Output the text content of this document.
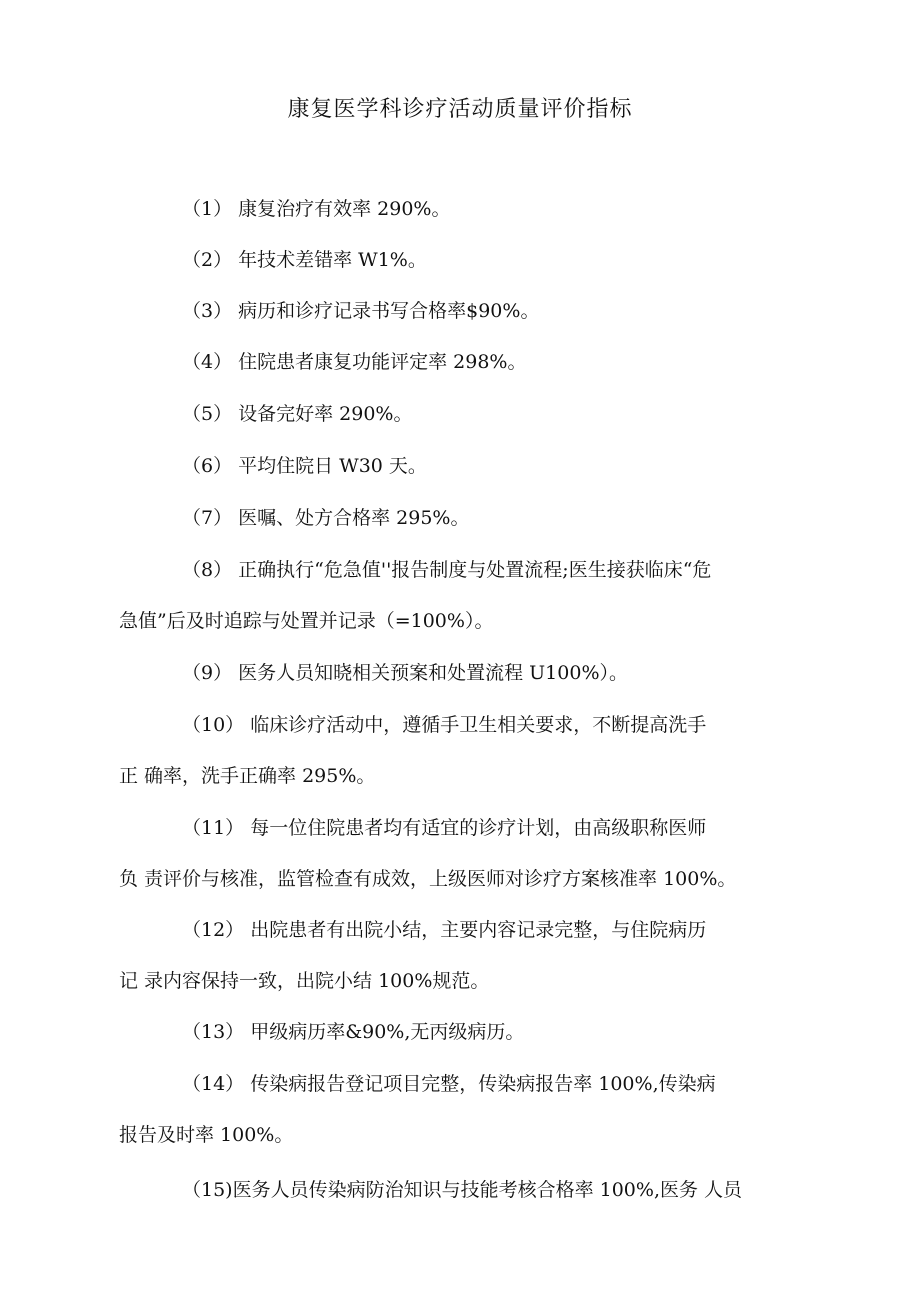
康复医学科诊疗活动质量评价指标
（1） 康复治疗有效率 290%。
（2） 年技术差错率 W1%。
（3） 病历和诊疗记录书写合格率$90%。
（4） 住院患者康复功能评定率 298%。
（5） 设备完好率 290%。
（6） 平均住院日 W30 天。
（7） 医嘱、处方合格率 295%。
（8） 正确执行“危急值''报告制度与处置流程;医生接获临床“危
急值”后及时追踪与处置并记录（=100%）。
（9） 医务人员知晓相关预案和处置流程 U100%）。
（10） 临床诊疗活动中，遵循手卫生相关要求，不断提高洗手
正 确率，洗手正确率 295%。
（11） 每一位住院患者均有适宜的诊疗计划，由高级职称医师
负 责评价与核准，监管检查有成效，上级医师对诊疗方案核准率 100%。
（12） 出院患者有出院小结，主要内容记录完整，与住院病历
记 录内容保持一致，出院小结 100%规范。
（13） 甲级病历率&90%,无丙级病历。
（14） 传染病报告登记项目完整，传染病报告率 100%,传染病
报告及时率 100%。
（15)医务人员传染病防治知识与技能考核合格率 100%,医务 人员
